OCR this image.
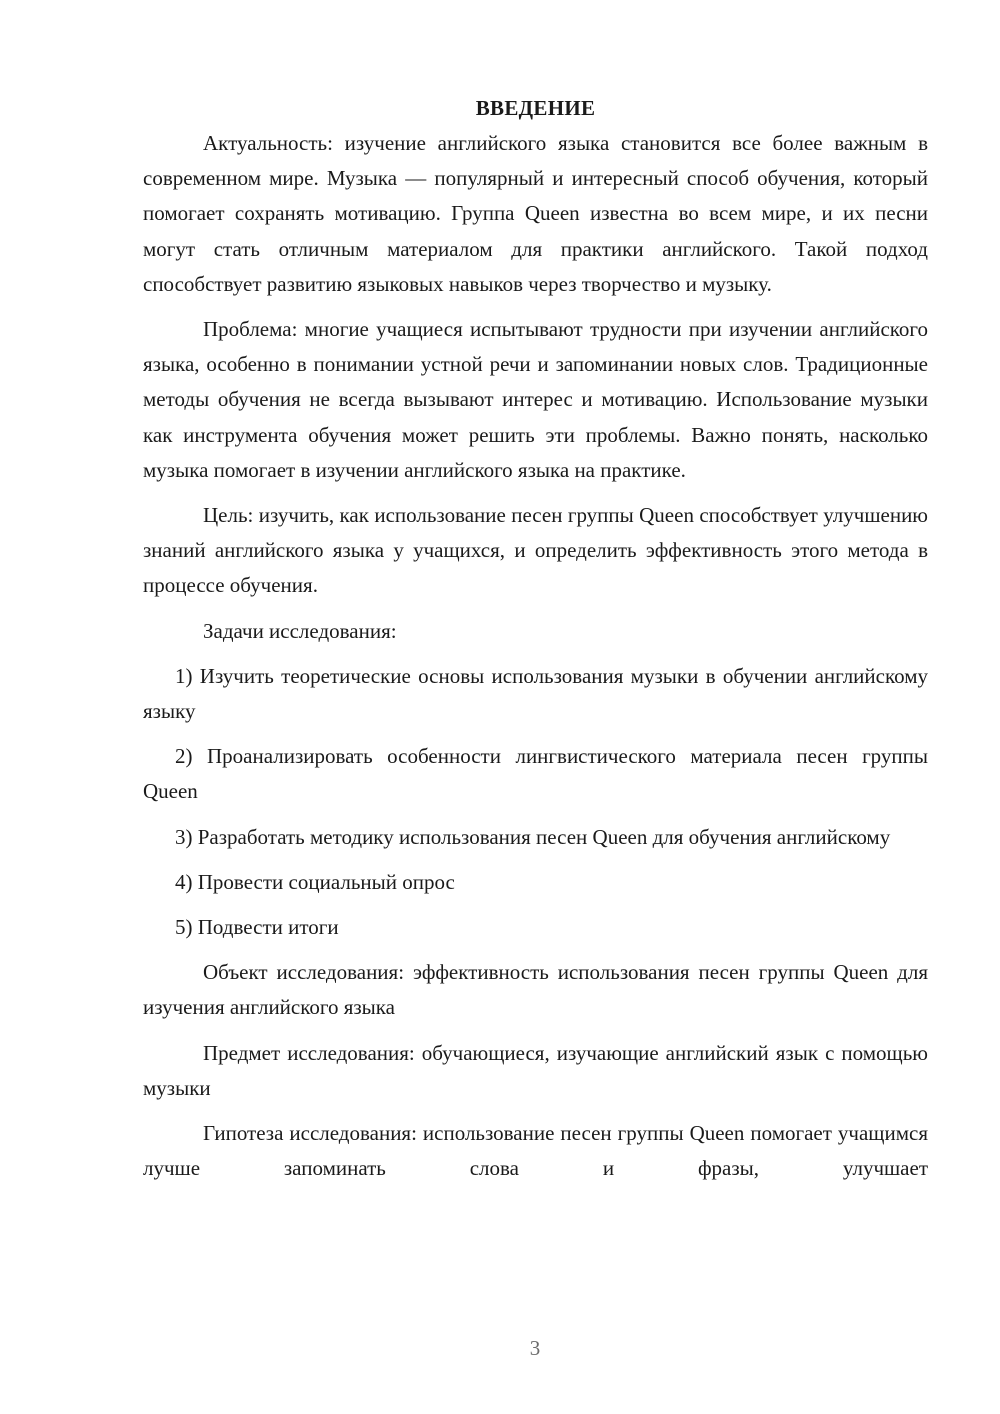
ВВЕДЕНИЕ

Актуальность: изучение английского языка становится все более важным в современном мире. Музыка — популярный и интересный способ обучения, который помогает сохранять мотивацию. Группа Queen известна во всем мире, и их песни могут стать отличным материалом для практики английского. Такой подход способствует развитию языковых навыков через творчество и музыку.

Проблема: многие учащиеся испытывают трудности при изучении английского языка, особенно в понимании устной речи и запоминании новых слов. Традиционные методы обучения не всегда вызывают интерес и мотивацию. Использование музыки как инструмента обучения может решить эти проблемы. Важно понять, насколько музыка помогает в изучении английского языка на практике.

Цель: изучить, как использование песен группы Queen способствует улучшению знаний английского языка у учащихся, и определить эффективность этого метода в процессе обучения.

Задачи исследования:

1) Изучить теоретические основы использования музыки в обучении английскому языку

2) Проанализировать особенности лингвистического материала песен группы Queen

3) Разработать методику использования песен Queen для обучения английскому

4) Провести социальный опрос

5) Подвести итоги

Объект исследования: эффективность использования песен группы Queen для изучения английского языка

Предмет исследования: обучающиеся, изучающие английский язык с помощью музыки

Гипотеза исследования: использование песен группы Queen помогает учащимся лучше запоминать слова и фразы, улучшает

3
